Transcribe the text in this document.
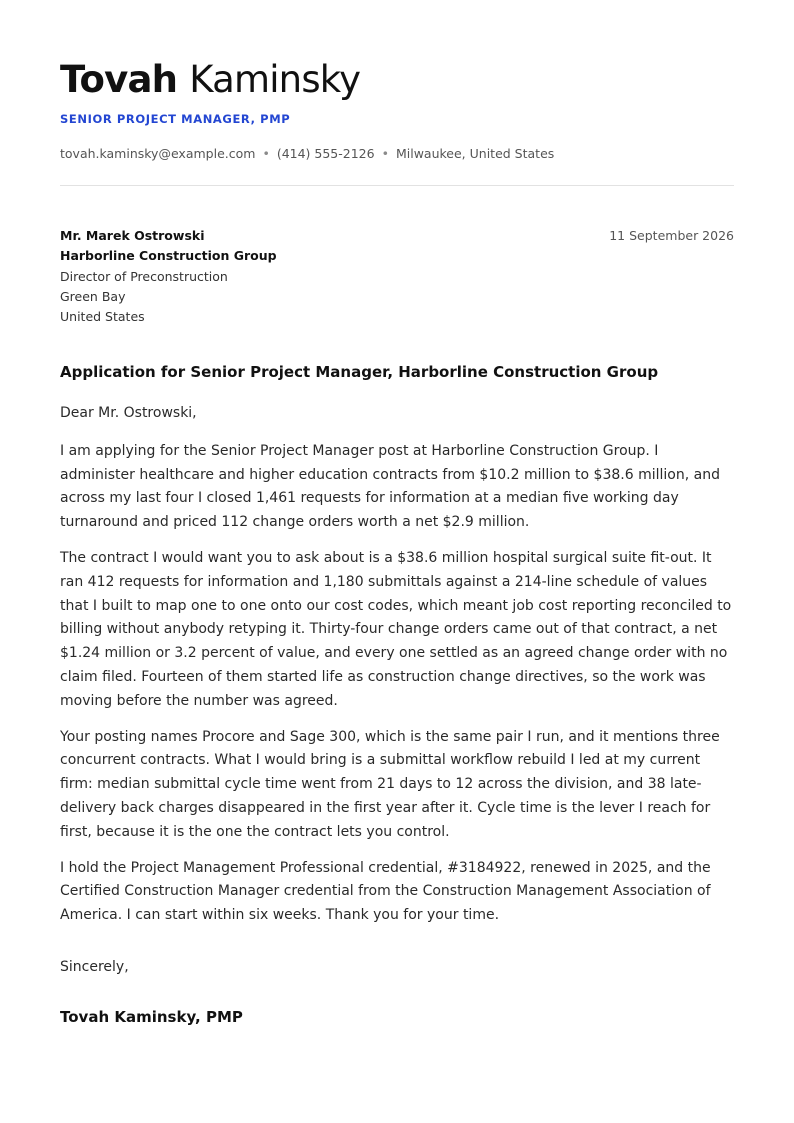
Tovah Kaminsky
SENIOR PROJECT MANAGER, PMP
tovah.kaminsky@example.com • (414) 555-2126 • Milwaukee, United States
Mr. Marek Ostrowski
Harborline Construction Group
Director of Preconstruction
Green Bay
United States
11 September 2026
Application for Senior Project Manager, Harborline Construction Group

Dear Mr. Ostrowski,

I am applying for the Senior Project Manager post at Harborline Construction Group. I administer healthcare and higher education contracts from $10.2 million to $38.6 million, and across my last four I closed 1,461 requests for information at a median five working day turnaround and priced 112 change orders worth a net $2.9 million.

The contract I would want you to ask about is a $38.6 million hospital surgical suite fit-out. It ran 412 requests for information and 1,180 submittals against a 214-line schedule of values that I built to map one to one onto our cost codes, which meant job cost reporting reconciled to billing without anybody retyping it. Thirty-four change orders came out of that contract, a net $1.24 million or 3.2 percent of value, and every one settled as an agreed change order with no claim filed. Fourteen of them started life as construction change directives, so the work was moving before the number was agreed.

Your posting names Procore and Sage 300, which is the same pair I run, and it mentions three concurrent contracts. What I would bring is a submittal workflow rebuild I led at my current firm: median submittal cycle time went from 21 days to 12 across the division, and 38 late-delivery back charges disappeared in the first year after it. Cycle time is the lever I reach for first, because it is the one the contract lets you control.

I hold the Project Management Professional credential, #3184922, renewed in 2025, and the Certified Construction Manager credential from the Construction Management Association of America. I can start within six weeks. Thank you for your time.

Sincerely,
Tovah Kaminsky, PMP
